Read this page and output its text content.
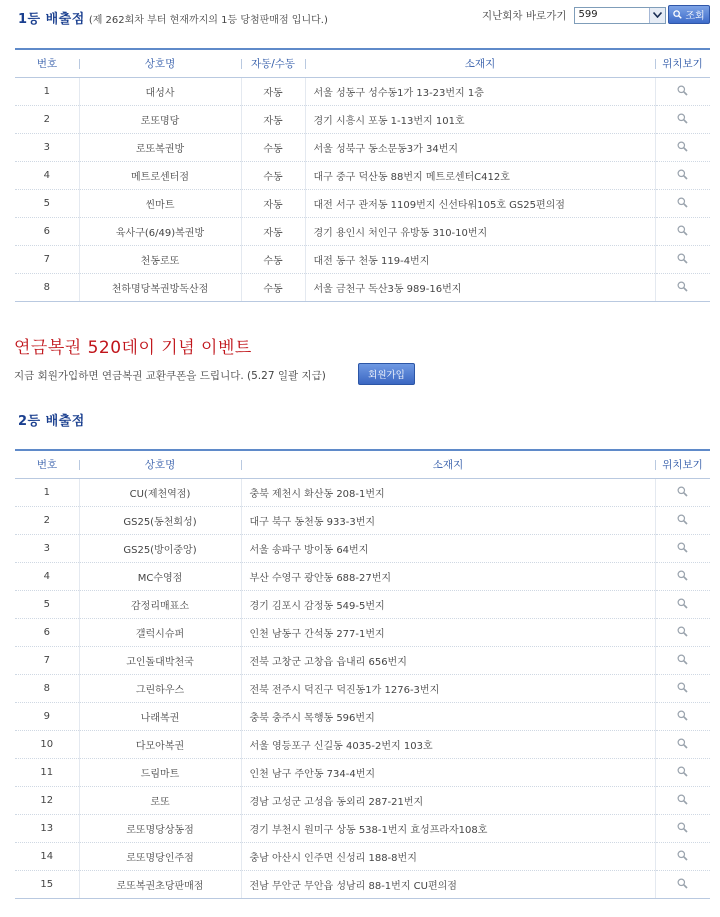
1등 배출점 (제 262회차 부터 현재까지의 1등 당첨판매점 입니다.)	지난회차 바로가기 599	조회
번호	상호명	자동/수동	소재지	위치보기
1	대성사	자동	서울 성동구 성수동1가 13-23번지 1층	
2	로또명당	자동	경기 시흥시 포동 1-13번지 101호	
3	로또복권방	수동	서울 성북구 동소문동3가 34번지	
4	메트로센터점	수동	대구 중구 덕산동 88번지 메트로센터C412호	
5	씬마트	자동	대전 서구 관저동 1109번지 신선타워105호 GS25편의점	
6	육사구(6/49)복권방	자동	경기 용인시 처인구 유방동 310-10번지	
7	천동로또	수동	대전 동구 천동 119-4번지	
8	천하명당복권방독산점	수동	서울 금천구 독산3동 989-16번지	
연금복권 520데이 기념 이벤트
지금 회원가입하면 연금복권 교환쿠폰을 드립니다. (5.27 일괄 지급)	회원가입
2등 배출점
번호	상호명	소재지	위치보기
1	CU(제천역점)	충북 제천시 화산동 208-1번지	
2	GS25(동천회성)	대구 북구 동천동 933-3번지	
3	GS25(방이중앙)	서울 송파구 방이동 64번지	
4	MC수영점	부산 수영구 광안동 688-27번지	
5	감정리매표소	경기 김포시 감정동 549-5번지	
6	갤럭시슈퍼	인천 남동구 간석동 277-1번지	
7	고인돌대박천국	전북 고창군 고창읍 읍내리 656번지	
8	그린하우스	전북 전주시 덕진구 덕진동1가 1276-3번지	
9	나래복권	충북 충주시 목행동 596번지	
10	다모아복권	서울 영등포구 신길동 4035-2번지 103호	
11	드림마트	인천 남구 주안동 734-4번지	
12	로또	경남 고성군 고성읍 동외리 287-21번지	
13	로또명당상동점	경기 부천시 원미구 상동 538-1번지 효성프라자108호	
14	로또명당인주점	충남 아산시 인주면 신성리 188-8번지	
15	로또복권초당판매점	전남 무안군 무안읍 성남리 88-1번지 CU편의점	
